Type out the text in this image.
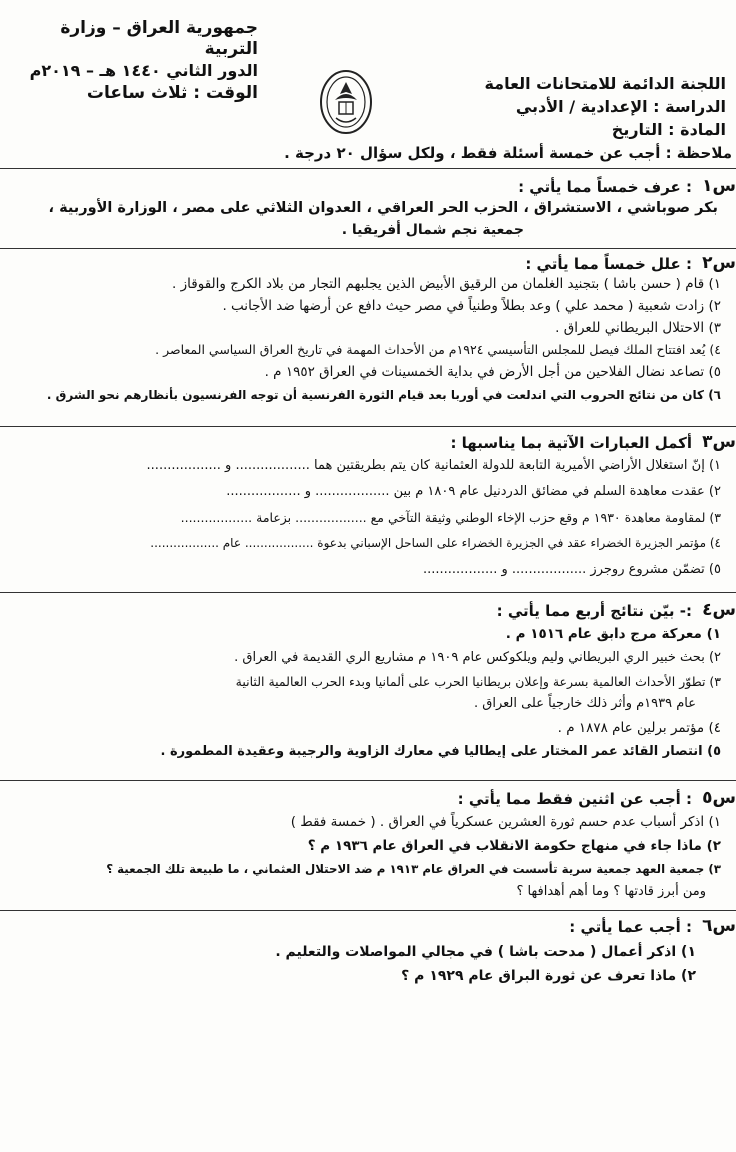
جمهورية العراق – وزارة التربية
الدور الثاني ١٤٤٠ هـ – ٢٠١٩م
الوقت : ثلاث ساعات	اللجنة الدائمة للامتحانات العامة
الدراسة : الإعدادية / الأدبي
المادة : التاريخ
ملاحظة : أجب عن خمسة أسئلة فقط ، ولكل سؤال ٢٠ درجة .
س١
: عرف خمساً مما يأتي :
بكر صوباشي ، الاستشراق ، الحزب الحر العراقي ، العدوان الثلاثي على مصر ، الوزارة الأوربية ،
جمعية نجم شمال أفريقيا .
س٢
: علل خمساً مما يأتي :
١) قام ( حسن باشا ) بتجنيد الغلمان من الرقيق الأبيض الذين يجلبهم التجار من بلاد الكرج والقوقاز .
٢) زادت شعبية ( محمد علي ) وعد بطلاً وطنياً في مصر حيث دافع عن أرضها ضد الأجانب .
٣) الاحتلال البريطاني للعراق .
٤) يُعد افتتاح الملك فيصل للمجلس التأسيسي ١٩٢٤م من الأحداث المهمة في تاريخ العراق السياسي المعاصر .
٥) تصاعد نضال الفلاحين من أجل الأرض في بداية الخمسينات في العراق ١٩٥٢ م .
٦) كان من نتائج الحروب التي اندلعت في أوربا بعد قيام الثورة الفرنسية أن توجه الفرنسيون بأنظارهم نحو الشرق .
س٣
أكمل العبارات الآتية بما يناسبها :
١) إنّ استغلال الأراضي الأميرية التابعة للدولة العثمانية كان يتم بطريقتين هما .................. و ..................
٢) عقدت معاهدة السلم في مضائق الدردنيل عام ١٨٠٩ م بين .................. و ..................
٣) لمقاومة معاهدة ١٩٣٠ م وقع حزب الإخاء الوطني وثيقة التآخي مع .................. بزعامة ..................
٤) مؤتمر الجزيرة الخضراء عقد في الجزيرة الخضراء على الساحل الإسباني بدعوة .................. عام ..................
٥) تضمّن مشروع روجرز .................. و ..................
س٤
:- بيّن نتائج أربع مما يأتي :
١) معركة مرج دابق عام ١٥١٦ م .
٢) بحث خبير الري البريطاني وليم ويلكوكس عام ١٩٠٩ م مشاريع الري القديمة في العراق .
٣) تطوّر الأحداث العالمية بسرعة وإعلان بريطانيا الحرب على ألمانيا وبدء الحرب العالمية الثانية
عام ١٩٣٩م وأثر ذلك خارجياً على العراق .
٤) مؤتمر برلين عام ١٨٧٨ م .
٥) انتصار القائد عمر المختار على إيطاليا في معارك الزاوية والرجيبة وعقيدة المطمورة .
س٥
: أجب عن اثنين فقط مما يأتي :
١) اذكر أسباب عدم حسم ثورة العشرين عسكرياً في العراق . ( خمسة فقط )
٢) ماذا جاء في منهاج حكومة الانقلاب في العراق عام ١٩٣٦ م ؟
٣) جمعية العهد جمعية سرية تأسست في العراق عام ١٩١٣ م ضد الاحتلال العثماني ، ما طبيعة تلك الجمعية ؟
ومن أبرز قادتها ؟ وما أهم أهدافها ؟
س٦
: أجب عما يأتي :
١) اذكر أعمال ( مدحت باشا ) في مجالي المواصلات والتعليم .
٢) ماذا تعرف عن ثورة البراق عام ١٩٢٩ م ؟
